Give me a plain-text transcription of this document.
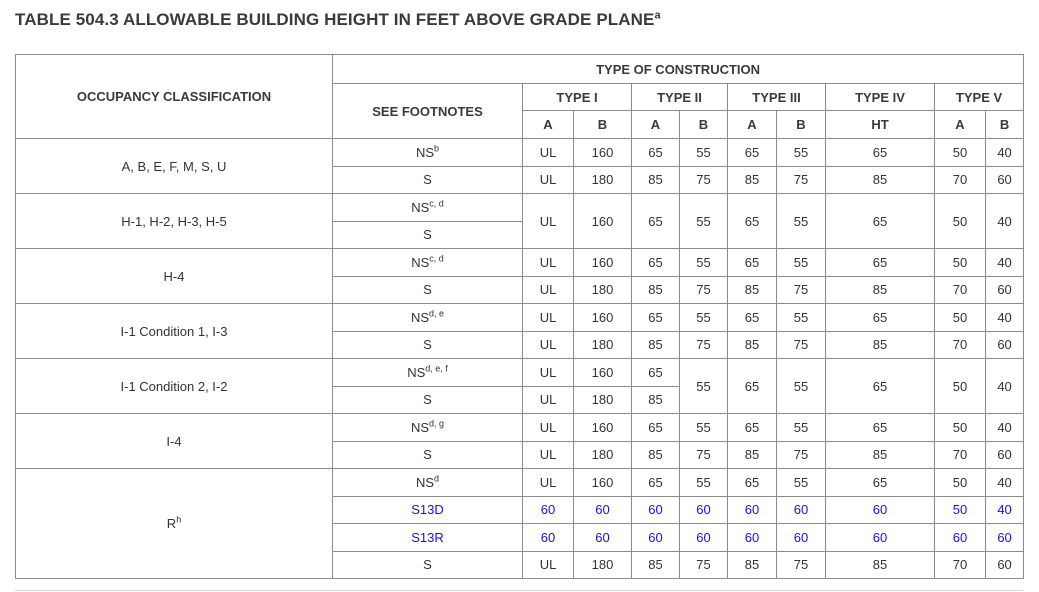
TABLE 504.3 ALLOWABLE BUILDING HEIGHT IN FEET ABOVE GRADE PLANE$^a$
OCCUPANCY CLASSIFICATION	TYPE OF CONSTRUCTION									
	SEE FOOTNOTES	TYPE I		TYPE II		TYPE III		TYPE IV	TYPE V	
		A	B	A	B	A	B	HT	A	B
A, B, E, F, M, S, U	$NS^b$	UL	160	65	55	65	55	65	50	40
	S	UL	180	85	75	85	75	85	70	60
H-1, H-2, H-3, H-5	NS$^{c, d}$	UL	160	65	55	65	55	65	50	40
	S									
H-4	NS$^{c, d}$	UL	160	65	55	65	55	65	50	40
	S	UL	180	85	75	85	75	85	70	60
I-1 Condition 1, I-3	NS$^{d, e}$	UL	160	65	55	65	55	65	50	40
	S	UL	180	85	75	85	75	85	70	60
I-1 Condition 2, I-2	NS$^{d, e, f}$	UL	160	65	55	65	55	65	50	40
	S	UL	180	85						
I-4	NS$^{d, g}$	UL	160	65	55	65	55	65	50	40
	S	UL	180	85	75	85	75	85	70	60
$R^h$	$NS^d$	UL	160	65	55	65	55	65	50	40
	S13D	60	60	60	60	60	60	60	50	40
	S13R	60	60	60	60	60	60	60	60	60
	S	UL	180	85	75	85	75	85	70	60
